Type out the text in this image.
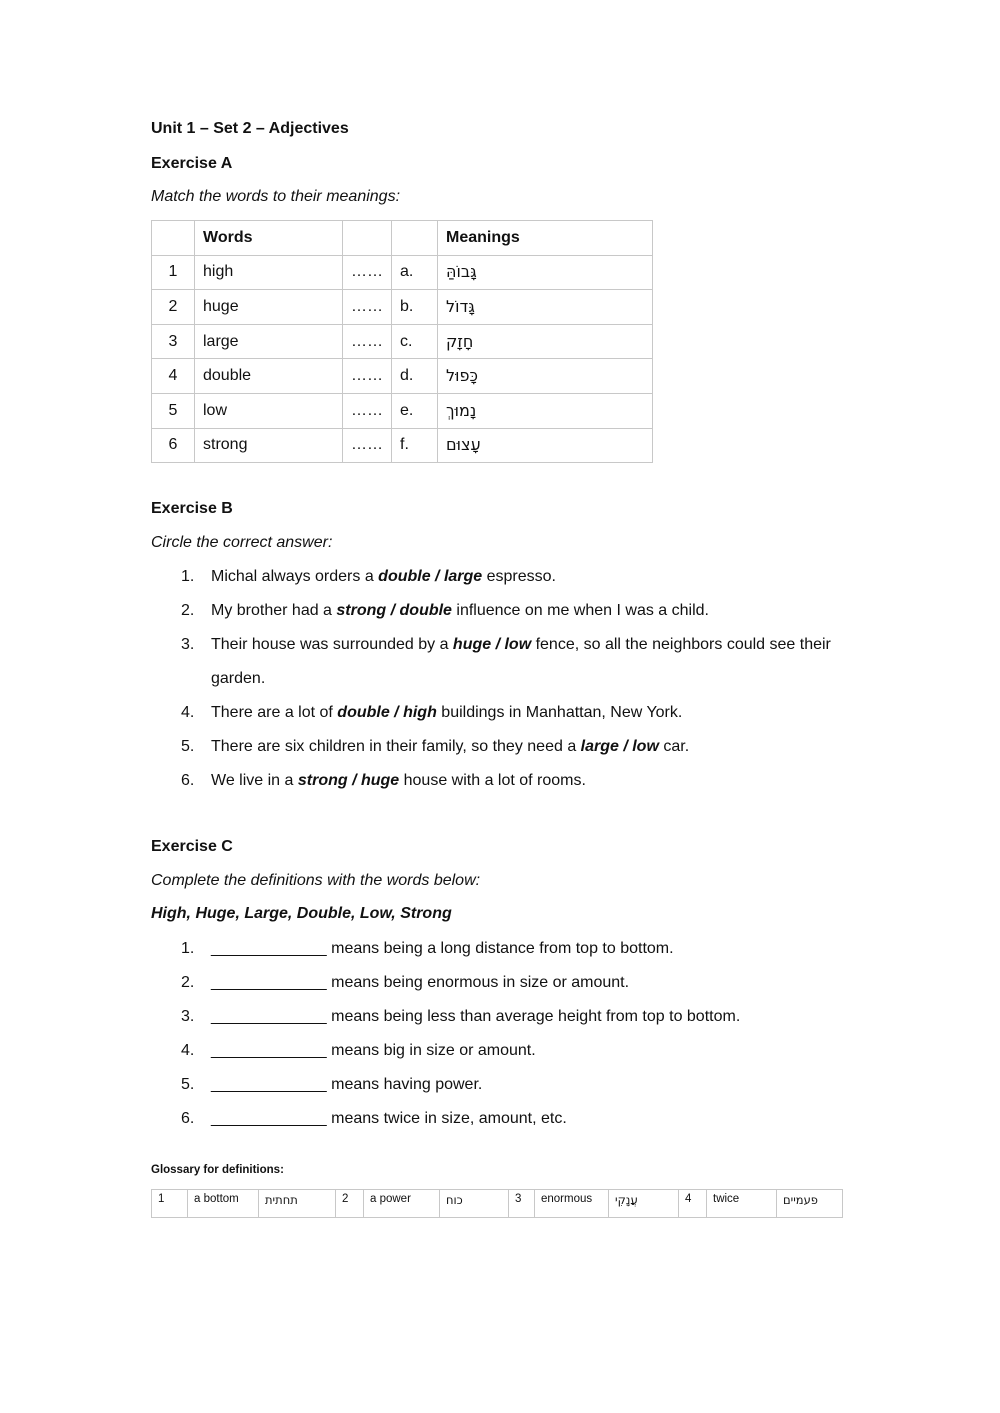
Unit 1 – Set 2 – Adjectives
Exercise A
Match the words to their meanings:
	Words			Meanings
1	high	……	a.	גָּבוֹהַּ
2	huge	……	b.	גָּדוֹל
3	large	……	c.	חָזָק
4	double	……	d.	כָּפוּל
5	low	……	e.	נָמוּךְ
6	strong	……	f.	עָצוּם
Exercise B
Circle the correct answer:
1. Michal always orders a double / large espresso.
2. My brother had a strong / double influence on me when I was a child.
3. Their house was surrounded by a huge / low fence, so all the neighbors could see their garden.
4. There are a lot of double / high buildings in Manhattan, New York.
5. There are six children in their family, so they need a large / low car.
6. We live in a strong / huge house with a lot of rooms.
Exercise C
Complete the definitions with the words below:
High, Huge, Large, Double, Low, Strong
1. _____________ means being a long distance from top to bottom.
2. _____________ means being enormous in size or amount.
3. _____________ means being less than average height from top to bottom.
4. _____________ means big in size or amount.
5. _____________ means having power.
6. _____________ means twice in size, amount, etc.
Glossary for definitions:
1	a bottom	תחתית	2	a power	כוח	3	enormous	עֲנָקִי	4	twice	פעמיים
